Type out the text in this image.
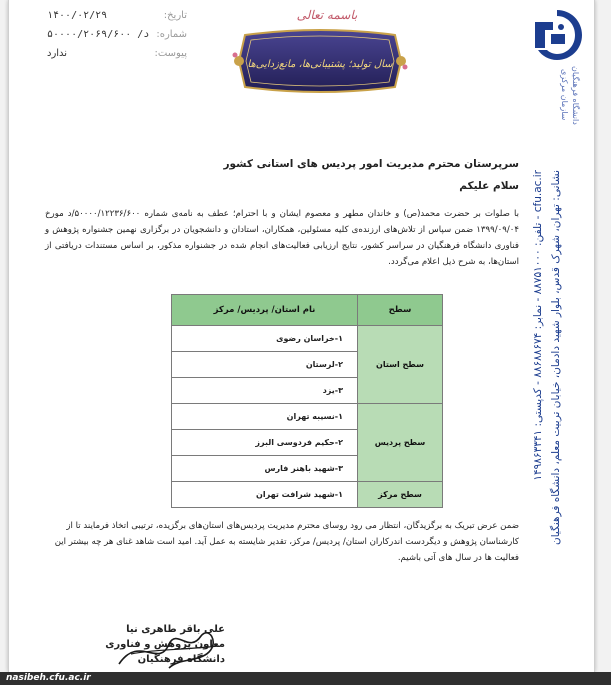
تاریخ:
۱۴۰۰/۰۲/۲۹
شماره:
۵۰۰۰۰/۲۰۶۹/۶۰۰ /د
پیوست:
ندارد
باسمه تعالی
سال تولید؛ پشتیبانی‌ها، مانع‌زدایی‌ها
دانشگاه فرهنگیان
سازمان مرکزی
نشانی: تهران، شهرک قدس، بلوار شهید دادمان، خیابان تربیت معلم، دانشگاه فرهنگیان
تلفن: ۸۸۷۵۱۰۰۰ - نمابر: ۸۸۶۸۸۶۷۴ - کدپستی: ۱۴۹۸۶۳۳۴۱ - cfu.ac.ir
سرپرستان محترم مدیریت امور پردیس های استانی کشور
سلام علیکم
با صلوات بر حضرت محمد(ص) و خاندان مطهر و معصوم ایشان و با احترام؛ عطف به نامه‌ی شماره ۵۰۰۰۰/۱۲۲۳۶/۶۰۰/د مورخ ۱۳۹۹/۰۹/۰۴ ضمن سپاس از تلاش‌های ارزنده‌ی کلیه مسئولین، همکاران، استادان و دانشجویان در برگزاری نهمین جشنواره پژوهش و فناوری دانشگاه فرهنگیان در سراسر کشور، نتایج ارزیابی فعالیت‌های انجام شده در جشنواره مذکور، بر اساس مستندات دریافتی از استان‌ها، به شرح ذیل اعلام می‌گردد.
سطح	نام استان/ پردیس/ مرکز
سطح استان	۱-خراسان رضوی
	۲-لرستان
	۳-یزد
سطح پردیس	۱-نسیبه تهران
	۲-حکیم فردوسی البرز
	۳-شهید باهنر فارس
سطح مرکز	۱-شهید شرافت تهران
ضمن عرض تبریک به برگزیدگان، انتظار می رود روسای محترم مدیریت پردیس‌های استان‌های برگزیده، ترتیبی اتخاذ فرمایند تا از کارشناسان پژوهش و دیگردست اندرکاران استان/ پردیس/ مرکز، تقدیر شایسته به عمل آید. امید است شاهد غنای هر چه بیشتر این فعالیت ها در سال های آتی باشیم.
علی باقر طاهری نیا
معاون پژوهش و فناوری
دانشگاه فرهنگیان
nasibeh.cfu.ac.ir
